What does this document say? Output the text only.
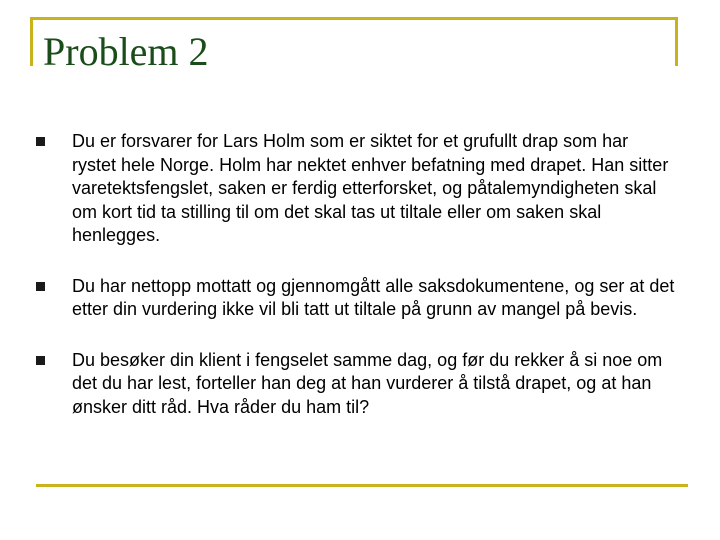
Problem 2
Du er forsvarer for Lars Holm som er siktet for et grufullt drap som har rystet hele Norge. Holm har nektet enhver befatning med drapet. Han sitter varetektsfengslet, saken er ferdig etterforsket, og påtalemyndigheten skal om kort tid ta stilling til om det skal tas ut tiltale eller om saken skal henlegges.
Du har nettopp mottatt og gjennomgått alle saksdokumentene, og ser at det etter din vurdering ikke vil bli tatt ut tiltale på grunn av mangel på bevis.
Du besøker din klient i fengselet samme dag, og før du rekker å si noe om det du har lest, forteller han deg at han vurderer å tilstå drapet, og at han ønsker ditt råd. Hva råder du ham til?
